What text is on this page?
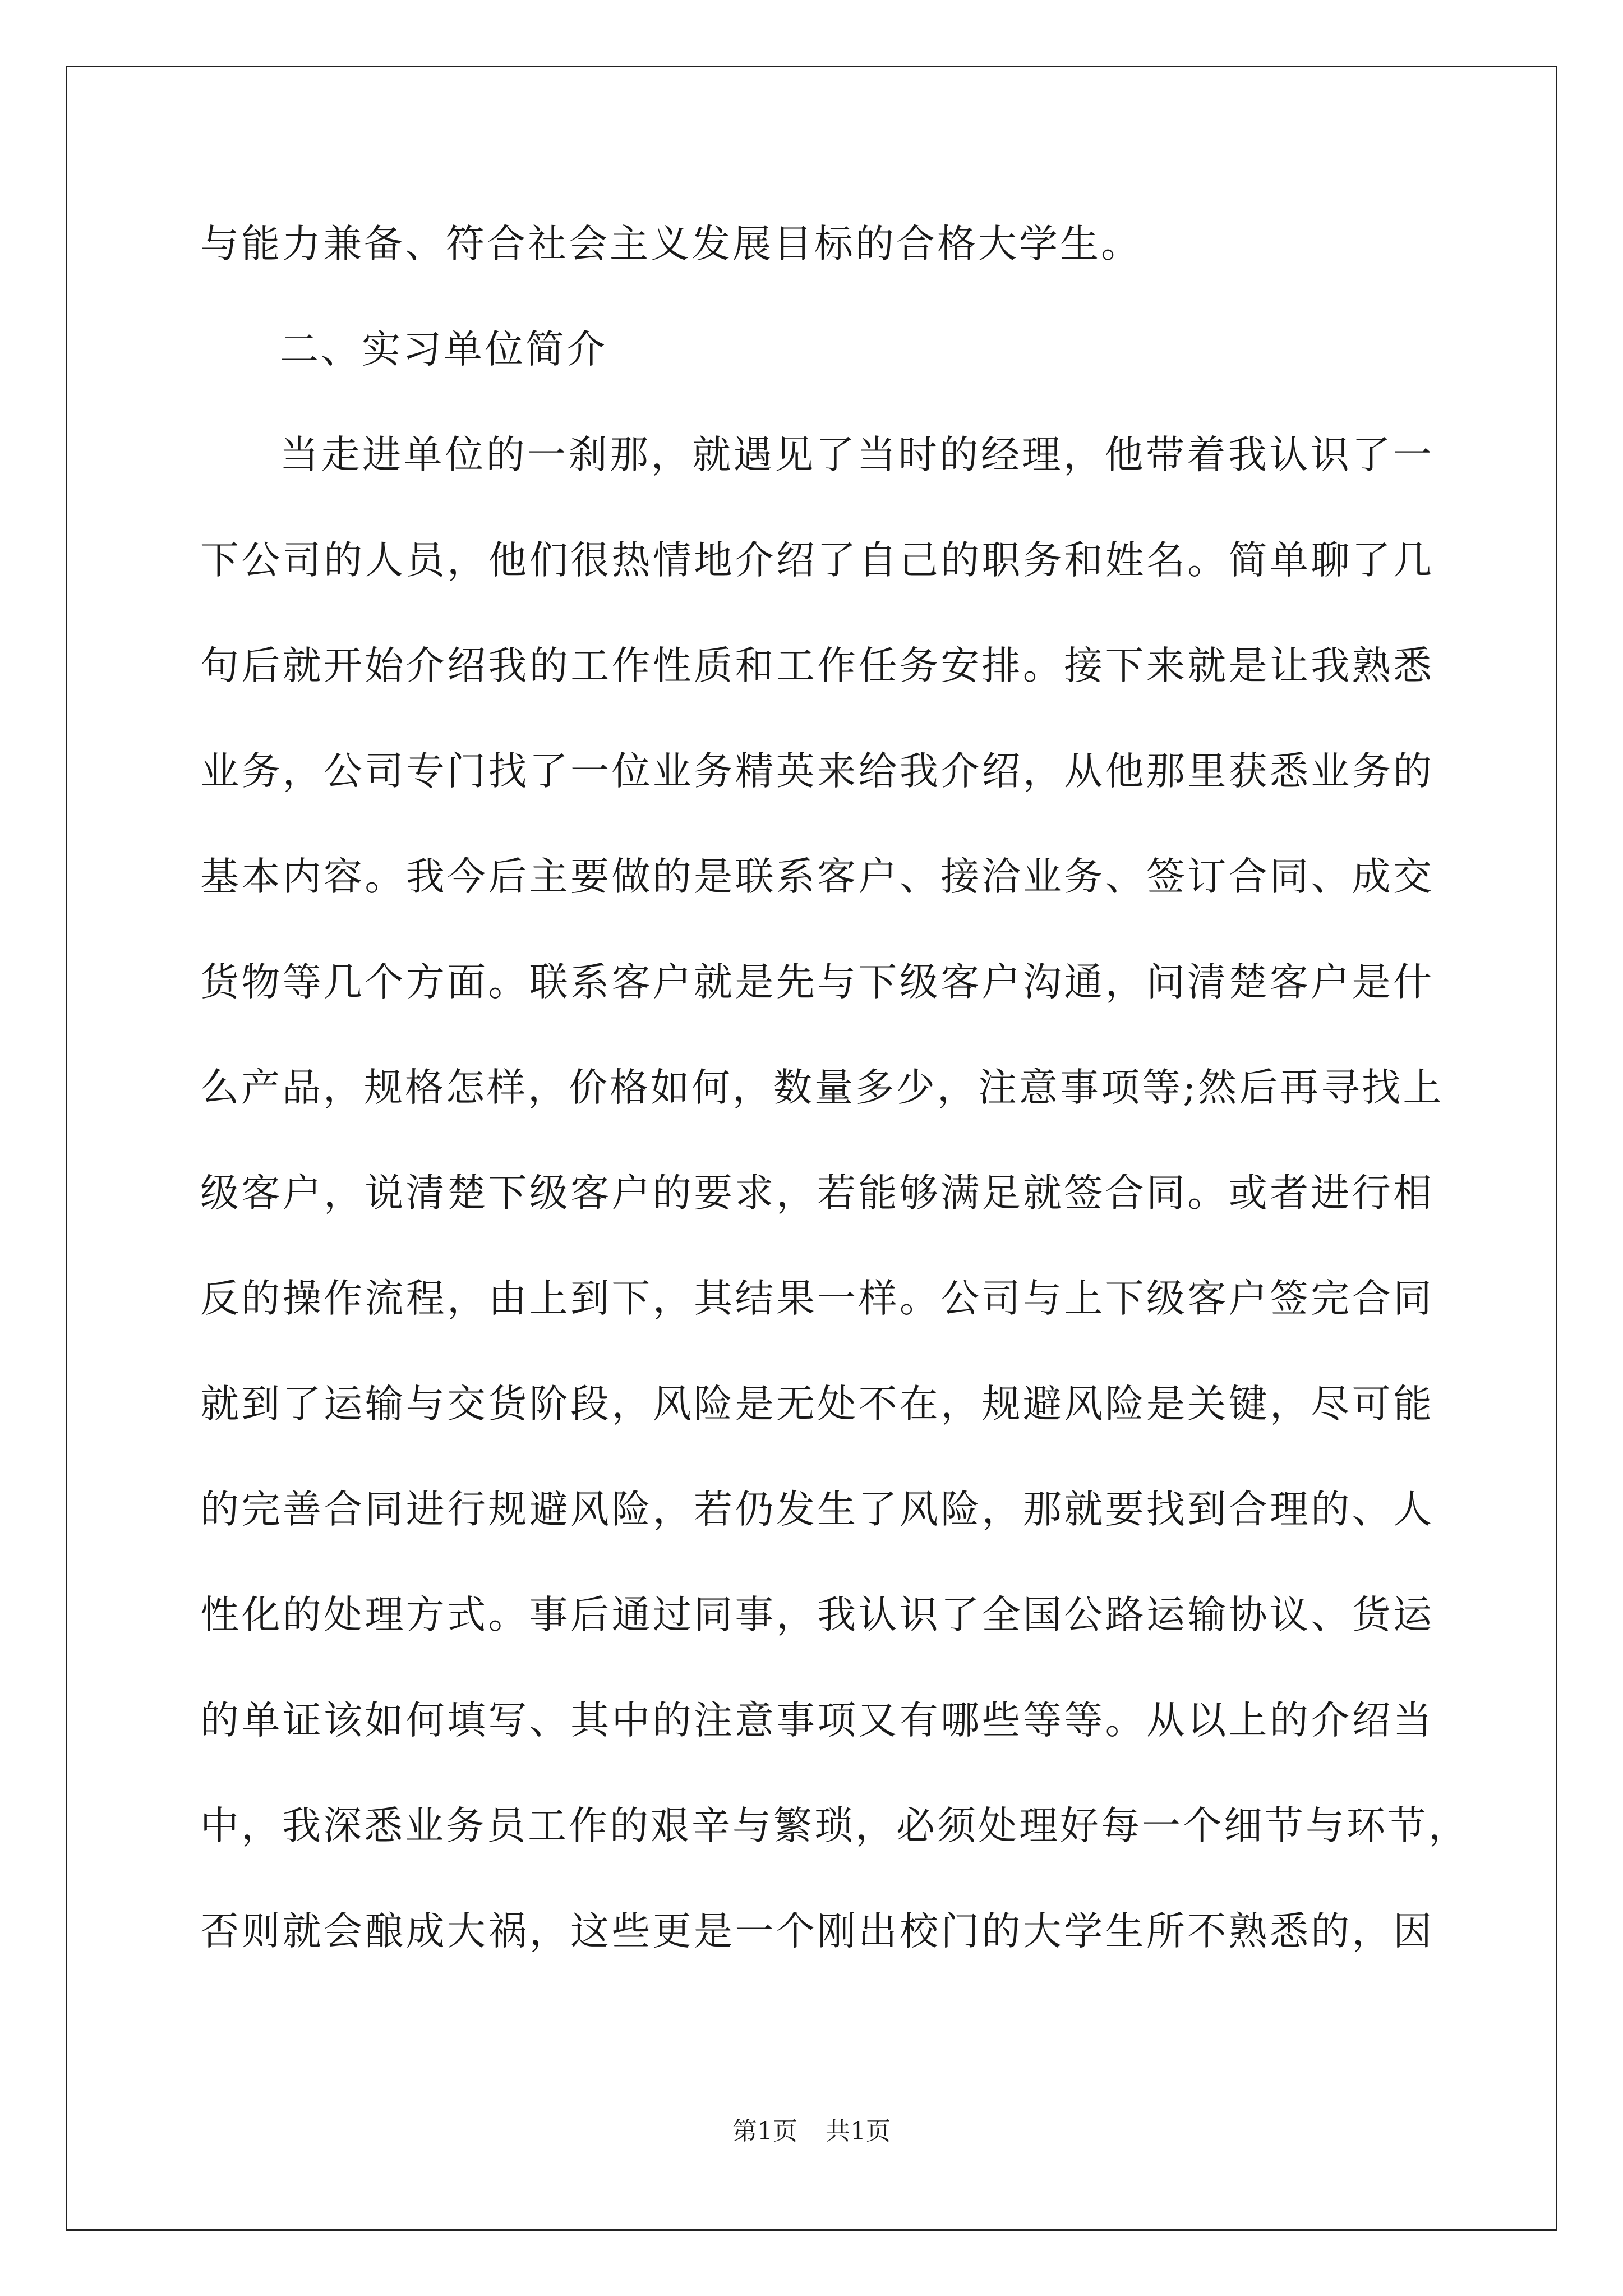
与能力兼备、符合社会主义发展目标的合格大学生。
二、实习单位简介
当走进单位的一刹那，就遇见了当时的经理，他带着我认识了一
下公司的人员，他们很热情地介绍了自己的职务和姓名。简单聊了几
句后就开始介绍我的工作性质和工作任务安排。接下来就是让我熟悉
业务，公司专门找了一位业务精英来给我介绍，从他那里获悉业务的
基本内容。我今后主要做的是联系客户、接洽业务、签订合同、成交
货物等几个方面。联系客户就是先与下级客户沟通，问清楚客户是什
么产品，规格怎样，价格如何，数量多少，注意事项等;然后再寻找上
级客户，说清楚下级客户的要求，若能够满足就签合同。或者进行相
反的操作流程，由上到下，其结果一样。公司与上下级客户签完合同
就到了运输与交货阶段，风险是无处不在，规避风险是关键，尽可能
的完善合同进行规避风险，若仍发生了风险，那就要找到合理的、人
性化的处理方式。事后通过同事，我认识了全国公路运输协议、货运
的单证该如何填写、其中的注意事项又有哪些等等。从以上的介绍当
中，我深悉业务员工作的艰辛与繁琐，必须处理好每一个细节与环节，
否则就会酿成大祸，这些更是一个刚出校门的大学生所不熟悉的，因
第1页 共1页
